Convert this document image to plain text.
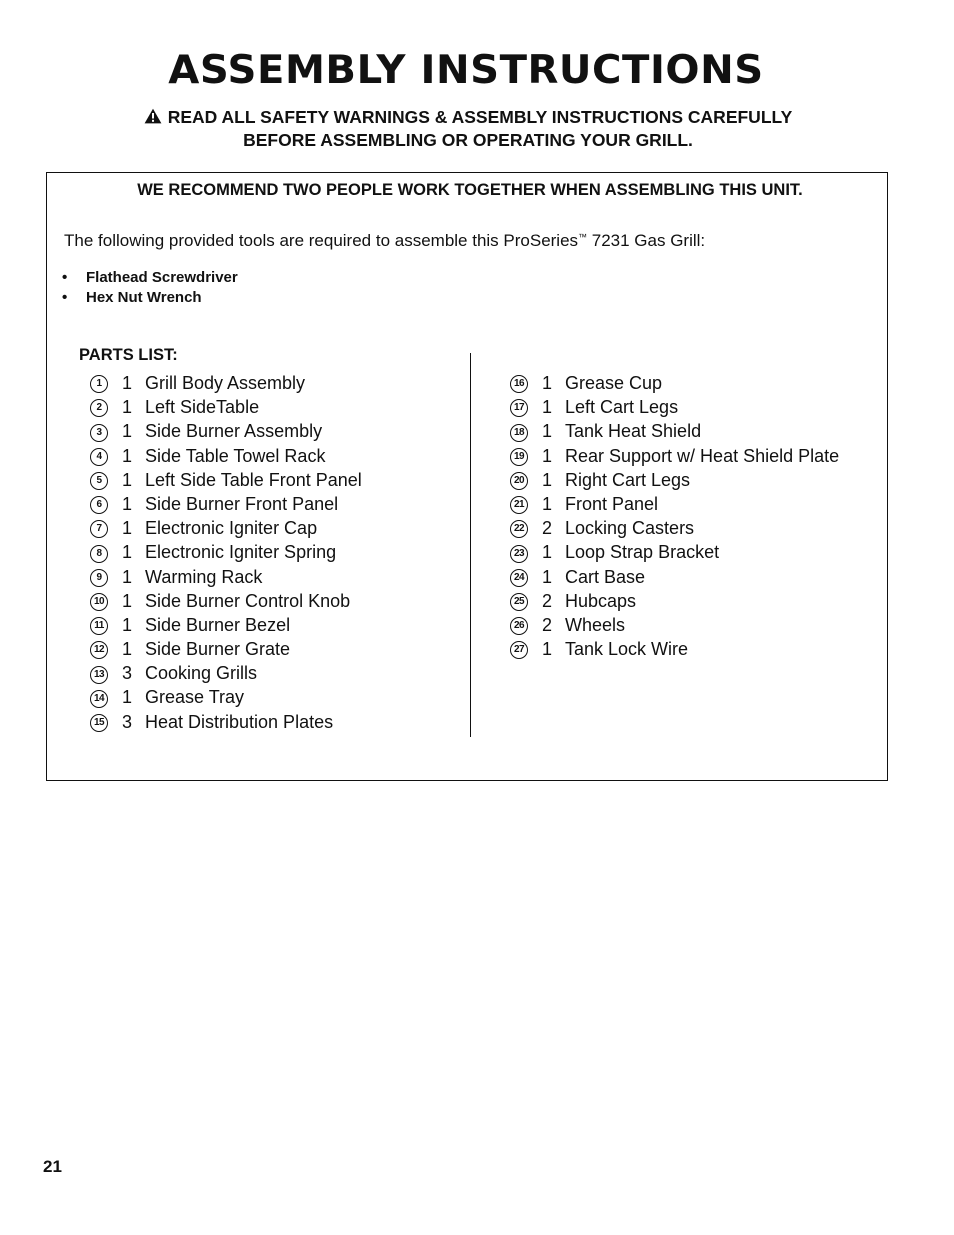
ASSEMBLY INSTRUCTIONS
READ ALL SAFETY WARNINGS & ASSEMBLY INSTRUCTIONS CAREFULLY
BEFORE ASSEMBLING OR OPERATING YOUR GRILL.
WE RECOMMEND TWO PEOPLE WORK TOGETHER WHEN ASSEMBLING THIS UNIT.
The following provided tools are required to assemble this ProSeries™ 7231 Gas Grill:
• Flathead Screwdriver
• Hex Nut Wrench
PARTS LIST:
1 1 Grill Body Assembly
2 1 Left SideTable
3 1 Side Burner Assembly
4 1 Side Table Towel Rack
5 1 Left Side Table Front Panel
6 1 Side Burner Front Panel
7 1 Electronic Igniter Cap
8 1 Electronic Igniter Spring
9 1 Warming Rack
10 1 Side Burner Control Knob
11 1 Side Burner Bezel
12 1 Side Burner Grate
13 3 Cooking Grills
14 1 Grease Tray
15 3 Heat Distribution Plates
16 1 Grease Cup
17 1 Left Cart Legs
18 1 Tank Heat Shield
19 1 Rear Support w/ Heat Shield Plate
20 1 Right Cart Legs
21 1 Front Panel
22 2 Locking Casters
23 1 Loop Strap Bracket
24 1 Cart Base
25 2 Hubcaps
26 2 Wheels
27 1 Tank Lock Wire
21
